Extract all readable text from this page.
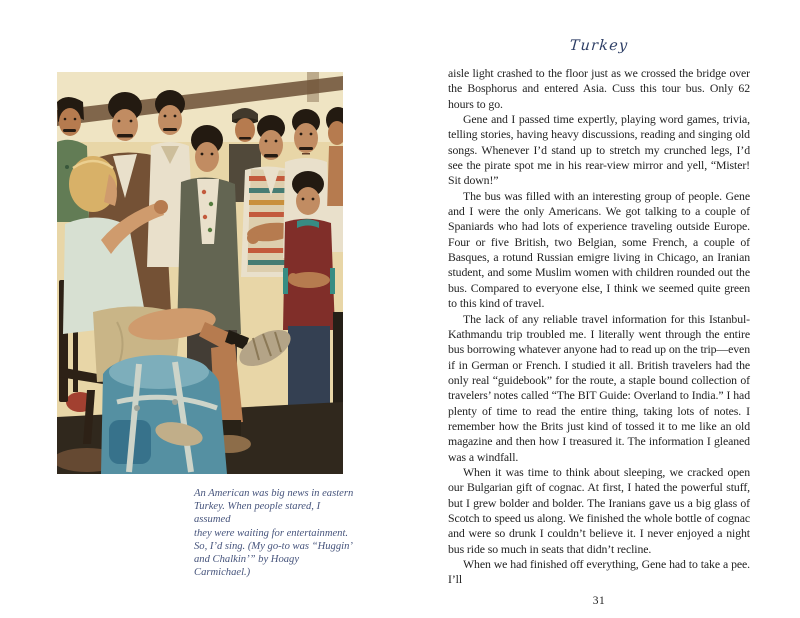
An American was big news in eastern
Turkey. When people stared, I assumed
they were waiting for entertainment.
So, I’d sing. (My go-to was “Huggin’
and Chalkin’” by Hoagy Carmichael.)
Turkey

aisle light crashed to the floor just as we crossed the bridge over the Bosphorus and entered Asia. Cuss this tour bus. Only 62 hours to go.

Gene and I passed time expertly, playing word games, trivia, telling stories, having heavy discussions, reading and singing old songs. Whenever I’d stand up to stretch my crunched legs, I’d see the pirate spot me in his rear-view mirror and yell, “Mister! Sit down!”

The bus was filled with an interesting group of people. Gene and I were the only Americans. We got talking to a couple of Spaniards who had lots of experience traveling outside Europe. Four or five British, two Belgian, some French, a couple of Basques, a rotund Russian emigre living in Chicago, an Iranian student, and some Muslim women with children rounded out the bus. Compared to everyone else, I think we seemed quite green to this kind of travel.

The lack of any reliable travel information for this Istanbul-Kathmandu trip troubled me. I literally went through the entire bus borrowing whatever anyone had to read up on the trip—even if in German or French. I studied it all. British travelers had the only real “guidebook” for the route, a staple bound collection of travelers’ notes called “The BIT Guide: Overland to India.” I had plenty of time to read the entire thing, taking lots of notes. I remember how the Brits just kind of tossed it to me like an old magazine and then how I treasured it. The information I gleaned was a windfall.

When it was time to think about sleeping, we cracked open our Bulgarian gift of cognac. At first, I hated the powerful stuff, but I grew bolder and bolder. The Iranians gave us a big glass of Scotch to speed us along. We finished the whole bottle of cognac and were so drunk I couldn’t believe it. I never enjoyed a night bus ride so much in seats that didn’t recline.

When we had finished off everything, Gene had to take a pee. I’ll

31
